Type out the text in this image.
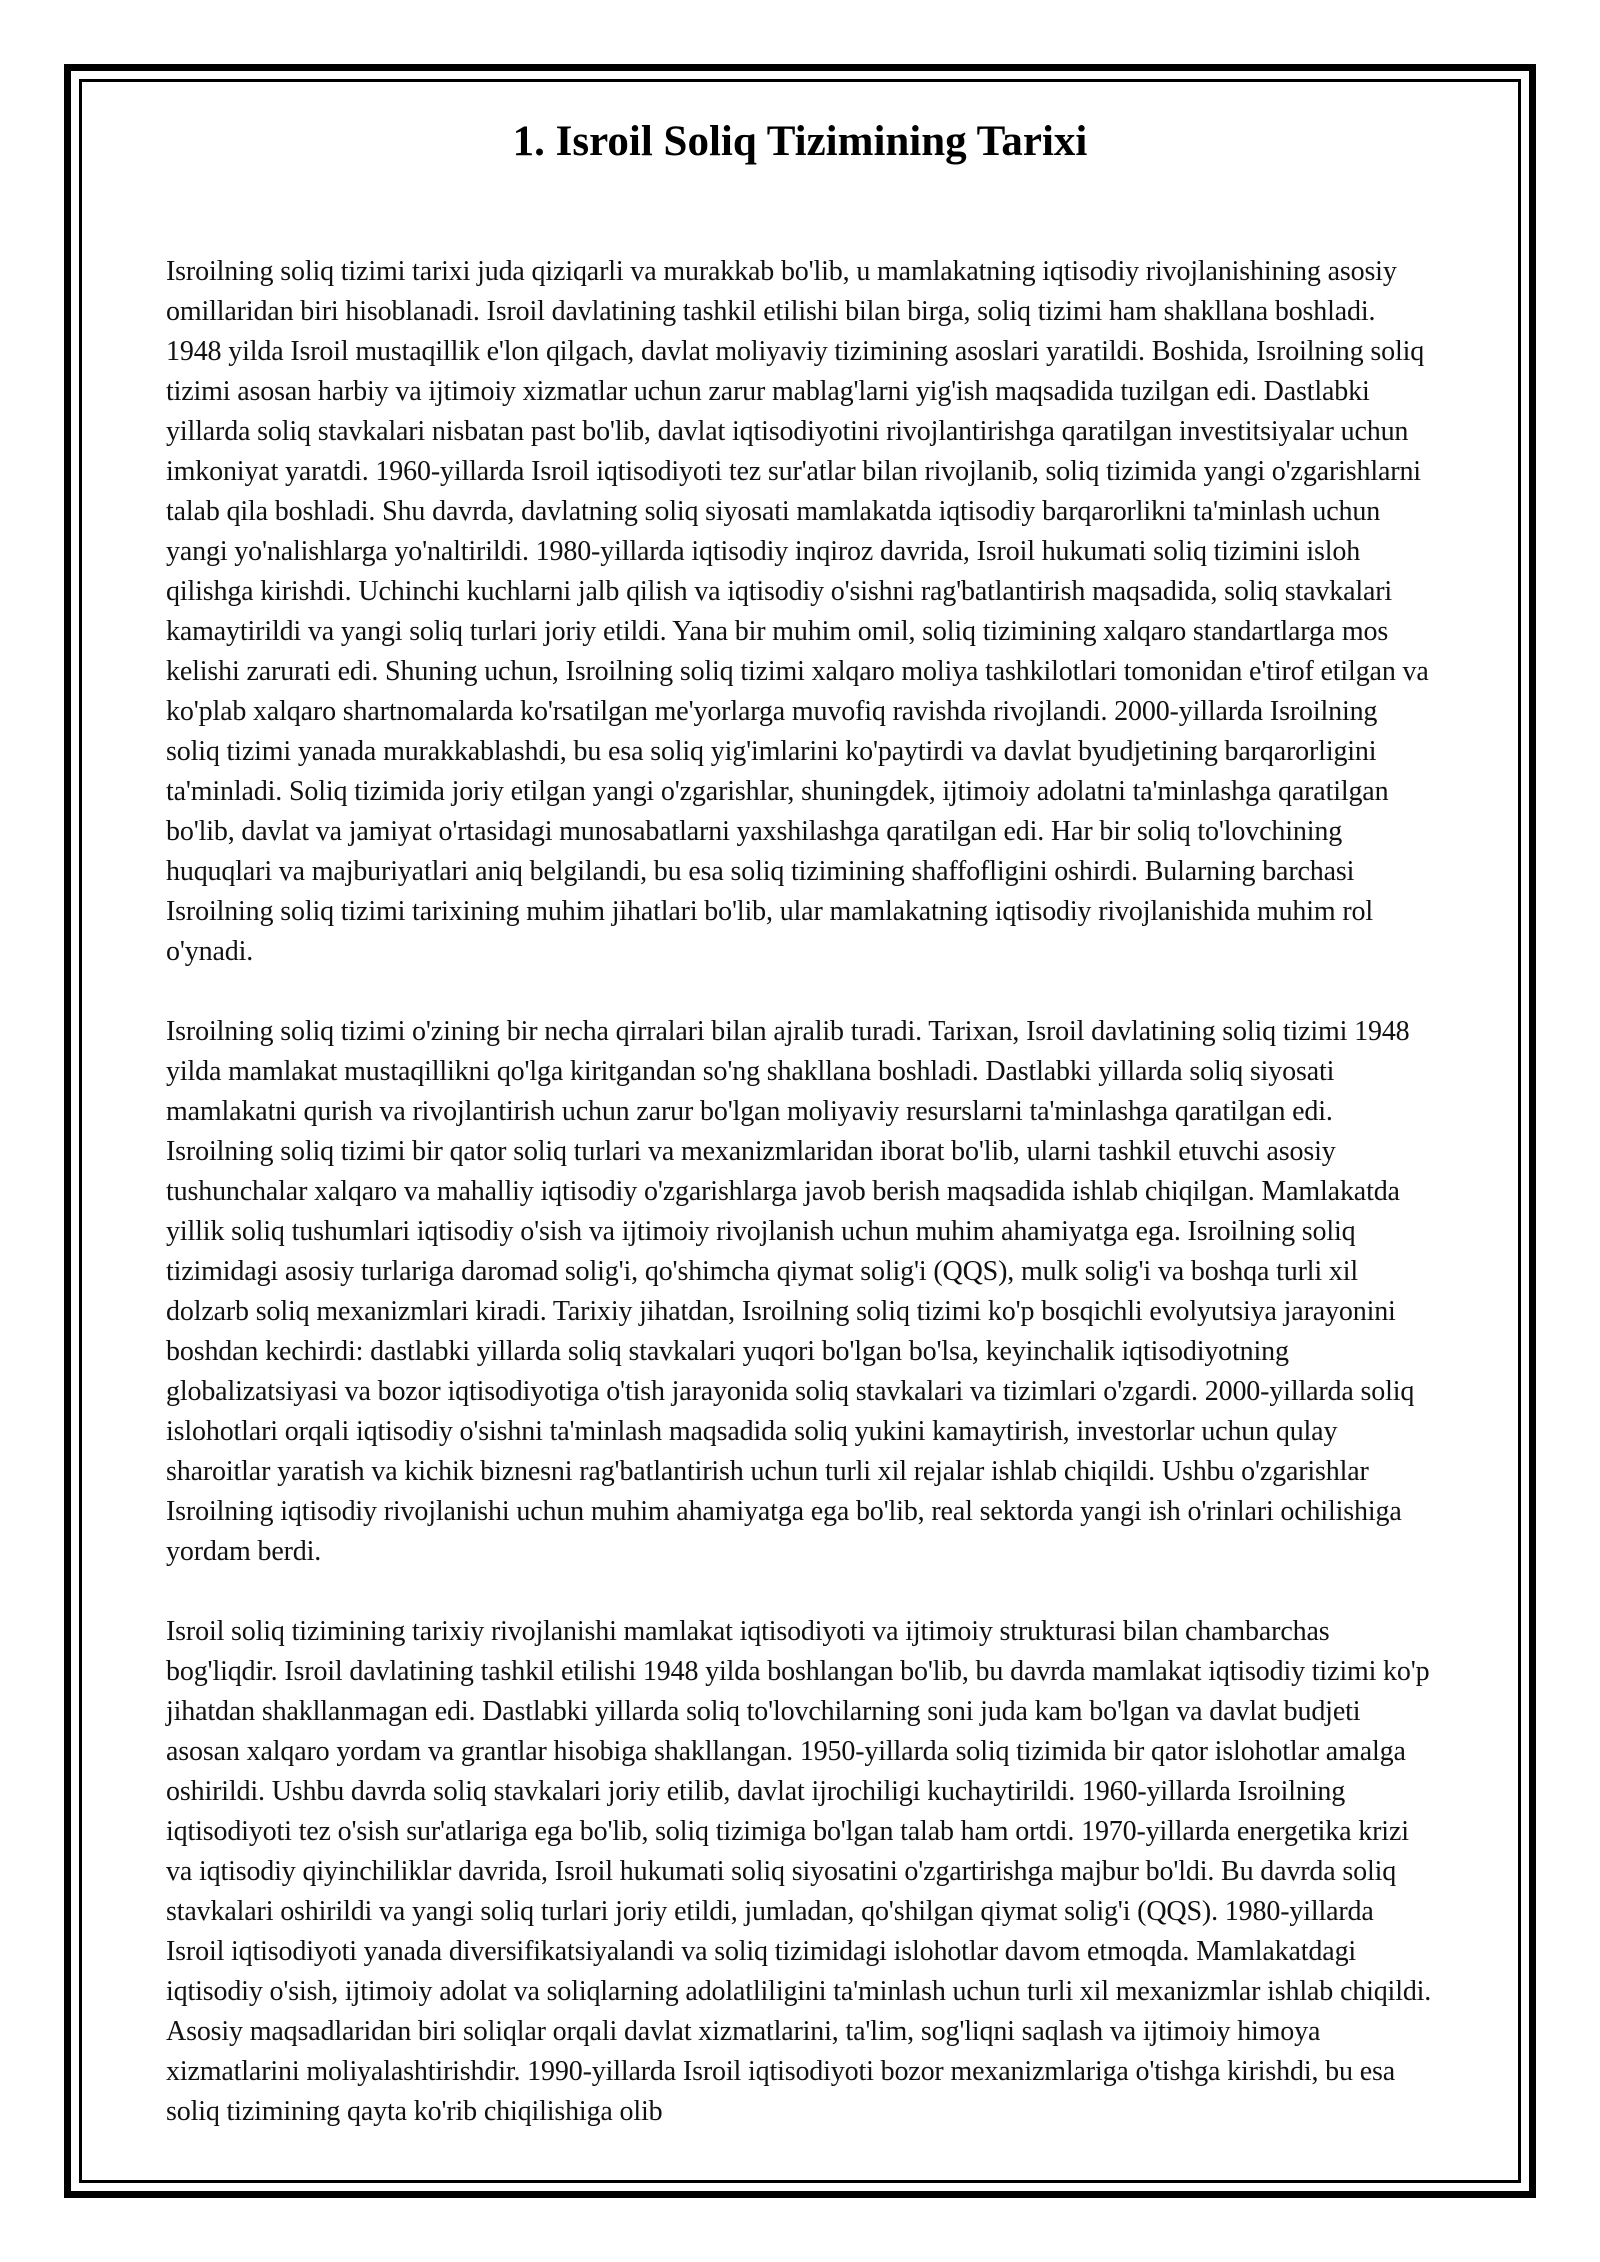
1. Isroil Soliq Tizimining Tarixi

Isroilning soliq tizimi tarixi juda qiziqarli va murakkab bo'lib, u mamlakatning iqtisodiy rivojlanishining asosiy omillaridan biri hisoblanadi. Isroil davlatining tashkil etilishi bilan birga, soliq tizimi ham shakllana boshladi. 1948 yilda Isroil mustaqillik e'lon qilgach, davlat moliyaviy tizimining asoslari yaratildi. Boshida, Isroilning soliq tizimi asosan harbiy va ijtimoiy xizmatlar uchun zarur mablag'larni yig'ish maqsadida tuzilgan edi. Dastlabki yillarda soliq stavkalari nisbatan past bo'lib, davlat iqtisodiyotini rivojlantirishga qaratilgan investitsiyalar uchun imkoniyat yaratdi. 1960-yillarda Isroil iqtisodiyoti tez sur'atlar bilan rivojlanib, soliq tizimida yangi o'zgarishlarni talab qila boshladi. Shu davrda, davlatning soliq siyosati mamlakatda iqtisodiy barqarorlikni ta'minlash uchun yangi yo'nalishlarga yo'naltirildi. 1980-yillarda iqtisodiy inqiroz davrida, Isroil hukumati soliq tizimini isloh qilishga kirishdi. Uchinchi kuchlarni jalb qilish va iqtisodiy o'sishni rag'batlantirish maqsadida, soliq stavkalari kamaytirildi va yangi soliq turlari joriy etildi. Yana bir muhim omil, soliq tizimining xalqaro standartlarga mos kelishi zarurati edi. Shuning uchun, Isroilning soliq tizimi xalqaro moliya tashkilotlari tomonidan e'tirof etilgan va ko'plab xalqaro shartnomalarda ko'rsatilgan me'yorlarga muvofiq ravishda rivojlandi. 2000-yillarda Isroilning soliq tizimi yanada murakkablashdi, bu esa soliq yig'imlarini ko'paytirdi va davlat byudjetining barqarorligini ta'minladi. Soliq tizimida joriy etilgan yangi o'zgarishlar, shuningdek, ijtimoiy adolatni ta'minlashga qaratilgan bo'lib, davlat va jamiyat o'rtasidagi munosabatlarni yaxshilashga qaratilgan edi. Har bir soliq to'lovchining huquqlari va majburiyatlari aniq belgilandi, bu esa soliq tizimining shaffofligini oshirdi. Bularning barchasi Isroilning soliq tizimi tarixining muhim jihatlari bo'lib, ular mamlakatning iqtisodiy rivojlanishida muhim rol o'ynadi.

Isroilning soliq tizimi o'zining bir necha qirralari bilan ajralib turadi. Tarixan, Isroil davlatining soliq tizimi 1948 yilda mamlakat mustaqillikni qo'lga kiritgandan so'ng shakllana boshladi. Dastlabki yillarda soliq siyosati mamlakatni qurish va rivojlantirish uchun zarur bo'lgan moliyaviy resurslarni ta'minlashga qaratilgan edi. Isroilning soliq tizimi bir qator soliq turlari va mexanizmlaridan iborat bo'lib, ularni tashkil etuvchi asosiy tushunchalar xalqaro va mahalliy iqtisodiy o'zgarishlarga javob berish maqsadida ishlab chiqilgan. Mamlakatda yillik soliq tushumlari iqtisodiy o'sish va ijtimoiy rivojlanish uchun muhim ahamiyatga ega. Isroilning soliq tizimidagi asosiy turlariga daromad solig'i, qo'shimcha qiymat solig'i (QQS), mulk solig'i va boshqa turli xil dolzarb soliq mexanizmlari kiradi. Tarixiy jihatdan, Isroilning soliq tizimi ko'p bosqichli evolyutsiya jarayonini boshdan kechirdi: dastlabki yillarda soliq stavkalari yuqori bo'lgan bo'lsa, keyinchalik iqtisodiyotning globalizatsiyasi va bozor iqtisodiyotiga o'tish jarayonida soliq stavkalari va tizimlari o'zgardi. 2000-yillarda soliq islohotlari orqali iqtisodiy o'sishni ta'minlash maqsadida soliq yukini kamaytirish, investorlar uchun qulay sharoitlar yaratish va kichik biznesni rag'batlantirish uchun turli xil rejalar ishlab chiqildi. Ushbu o'zgarishlar Isroilning iqtisodiy rivojlanishi uchun muhim ahamiyatga ega bo'lib, real sektorda yangi ish o'rinlari ochilishiga yordam berdi.

Isroil soliq tizimining tarixiy rivojlanishi mamlakat iqtisodiyoti va ijtimoiy strukturasi bilan chambarchas bog'liqdir. Isroil davlatining tashkil etilishi 1948 yilda boshlangan bo'lib, bu davrda mamlakat iqtisodiy tizimi ko'p jihatdan shakllanmagan edi. Dastlabki yillarda soliq to'lovchilarning soni juda kam bo'lgan va davlat budjeti asosan xalqaro yordam va grantlar hisobiga shakllangan. 1950-yillarda soliq tizimida bir qator islohotlar amalga oshirildi. Ushbu davrda soliq stavkalari joriy etilib, davlat ijrochiligi kuchaytirildi. 1960-yillarda Isroilning iqtisodiyoti tez o'sish sur'atlariga ega bo'lib, soliq tizimiga bo'lgan talab ham ortdi. 1970-yillarda energetika krizi va iqtisodiy qiyinchiliklar davrida, Isroil hukumati soliq siyosatini o'zgartirishga majbur bo'ldi. Bu davrda soliq stavkalari oshirildi va yangi soliq turlari joriy etildi, jumladan, qo'shilgan qiymat solig'i (QQS). 1980-yillarda Isroil iqtisodiyoti yanada diversifikatsiyalandi va soliq tizimidagi islohotlar davom etmoqda. Mamlakatdagi iqtisodiy o'sish, ijtimoiy adolat va soliqlarning adolatliligini ta'minlash uchun turli xil mexanizmlar ishlab chiqildi. Asosiy maqsadlaridan biri soliqlar orqali davlat xizmatlarini, ta'lim, sog'liqni saqlash va ijtimoiy himoya xizmatlarini moliyalashtirishdir. 1990-yillarda Isroil iqtisodiyoti bozor mexanizmlariga o'tishga kirishdi, bu esa soliq tizimining qayta ko'rib chiqilishiga olib
